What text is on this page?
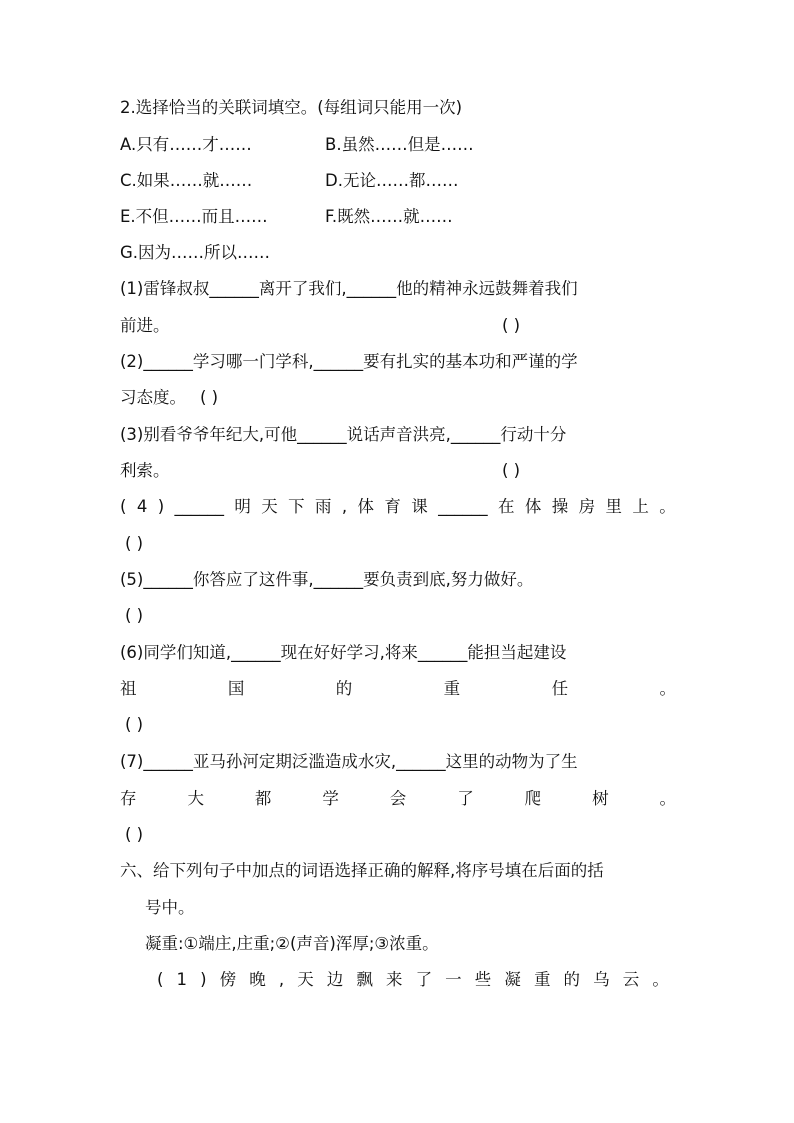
2.选择恰当的关联词填空。(每组词只能用一次)
A.只有……才……	B.虽然……但是……
C.如果……就……	D.无论……都……
E.不但……而且……	F.既然……就……
G.因为……所以……
(1)雷锋叔叔______离开了我们,______他的精神永远鼓舞着我们
前进。	( )
(2)______学习哪一门学科,______要有扎实的基本功和严谨的学
习态度。 ( )
(3)别看爷爷年纪大,可他______说话声音洪亮,______行动十分
利索。	( )
( 4 ) ______ 明 天 下 雨 , 体 育 课 ______ 在 体 操 房 里 上 。
( )
(5)______你答应了这件事,______要负责到底,努力做好。
( )
(6)同学们知道,______现在好好学习,将来______能担当起建设
祖	国	的	重	任	。
( )
(7)______亚马孙河定期泛滥造成水灾,______这里的动物为了生
存	大	都	学	会	了	爬	树	。
( )
六、给下列句子中加点的词语选择正确的解释,将序号填在后面的括
号中。
凝重:①端庄,庄重;②(声音)浑厚;③浓重。
( 1 ) 傍 晚 , 天 边 飘 来 了 一 些 凝 重 的 乌 云 。
